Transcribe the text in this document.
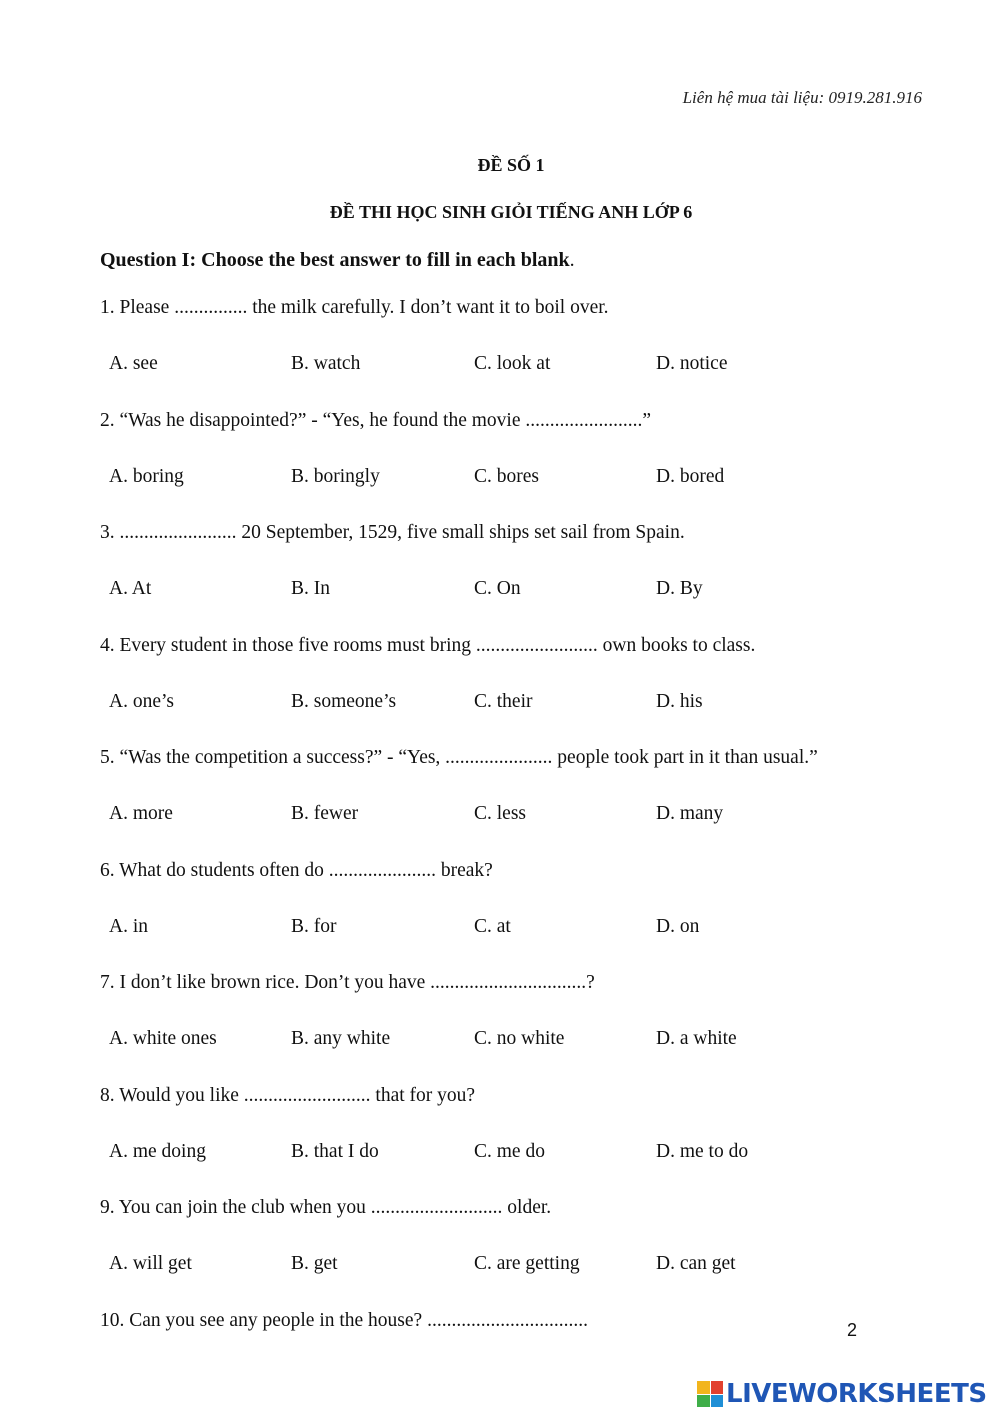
Liên hệ mua tài liệu: 0919.281.916
ĐỀ SỐ 1
ĐỀ THI HỌC SINH GIỎI TIẾNG ANH LỚP 6
Question I: Choose the best answer to fill in each blank.
1. Please ............... the milk carefully. I don’t want it to boil over.
A. see	B. watch	C. look at	D. notice
2. “Was he disappointed?” - “Yes, he found the movie ........................”
A. boring	B. boringly	C. bores	D. bored
3. ........................ 20 September, 1529, five small ships set sail from Spain.
A. At	B. In	C. On	D. By
4. Every student in those five rooms must bring ......................... own books to class.
A. one’s	B. someone’s	C. their	D. his
5. “Was the competition a success?” - “Yes, ...................... people took part in it than usual.”
A. more	B. fewer	C. less	D. many
6. What do students often do ...................... break?
A. in	B. for	C. at	D. on
7. I don’t like brown rice. Don’t you have ................................?
A. white ones	B. any white	C. no white	D. a white
8. Would you like .......................... that for you?
A. me doing	B. that I do	C. me do	D. me to do
9. You can join the club when you ........................... older.
A. will get	B. get	C. are getting	D. can get
10. Can you see any people in the house? .................................	2
LIVEWORKSHEETS
